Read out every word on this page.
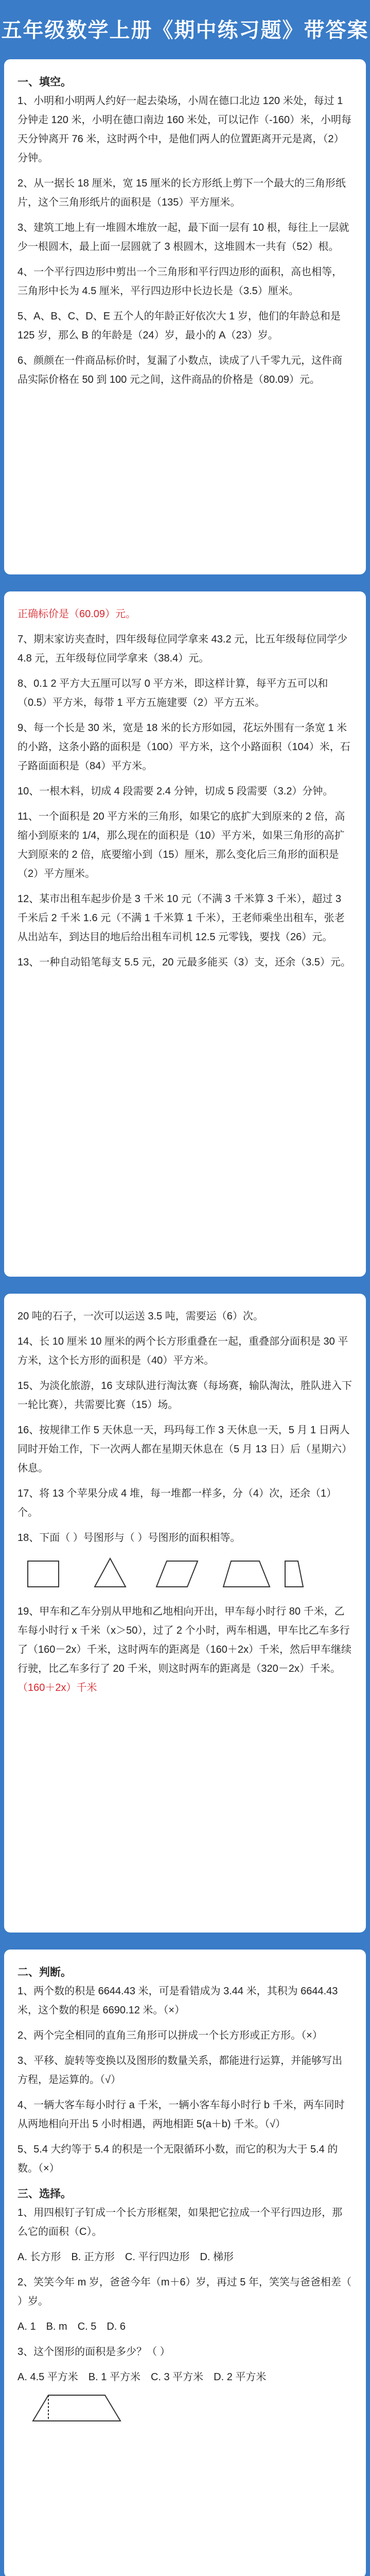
五年级数学上册《期中练习题》带答案

一、填空。

1、小明和小明两人约好一起去染场，小周在德口北边 120 米处，每过 1 分钟走 120 米，小明在德口南边 160 米处，可以记作（-160）米，小明每天分钟离开 76 米，这时两个中，是他们两人的位置距离开元是离，（2）分钟。

2、从一据长 18 厘米，宽 15 厘米的长方形纸上剪下一个最大的三角形纸片，这个三角形纸片的面积是（135）平方厘米。

3、建筑工地上有一堆圆木堆放一起，最下面一层有 10 根，每往上一层就少一根圆木，最上面一层圆就了 3 根圆木，这堆圆木一共有（52）根。

4、一个平行四边形中剪出一个三角形和平行四边形的面积，高也相等，三角形中长为 4.5 厘米，平行四边形中长边长是（3.5）厘米。

5、A、B、C、D、E 五个人的年龄正好依次大 1 岁，他们的年龄总和是 125 岁，那么 B 的年龄是（24）岁，最小的 A（23）岁。

6、颜颜在一件商品标价时，复漏了小数点，读成了八千零九元，这件商品实际价格在 50 到 100 元之间，这件商品的价格是（80.09）元。

正确标价是（60.09）元。

7、期末家访夹查时，四年级每位同学拿来 43.2 元，比五年级每位同学少 4.8 元，五年级每位同学拿来（38.4）元。

8、0.1 2 平方大五厘可以写 0 平方米，即这样计算，每平方五可以和（0.5）平方米，每带 1 平方五施建要（2）平方五米。

9、每一个长是 30 米，宽是 18 米的长方形如园，花坛外围有一条宽 1 米的小路，这条小路的面积是（100）平方米，这个小路面积（104）米，石子路面面积是（84）平方米。

10、一根木料，切成 4 段需要 2.4 分钟，切成 5 段需要（3.2）分钟。

11、一个面积是 20 平方米的三角形，如果它的底扩大到原来的 2 倍，高缩小到原来的 1/4，那么现在的面积是（10）平方米，如果三角形的高扩大到原来的 2 倍，底要缩小到（15）厘米，那么变化后三角形的面积是（2）平方厘米。

12、某市出租车起步价是 3 千米 10 元（不满 3 千米算 3 千米），超过 3 千米后 2 千米 1.6 元（不满 1 千米算 1 千米），王老师乘坐出租车，张老从出站车，到达目的地后给出租车司机 12.5 元零钱，要找（26）元。

13、一种自动铅笔每支 5.5 元，20 元最多能买（3）支，还余（3.5）元。

20 吨的石子，一次可以运送 3.5 吨，需要运（6）次。

14、长 10 厘米 10 厘米的两个长方形重叠在一起，重叠部分面积是 30 平方米，这个长方形的面积是（40）平方米。

15、为淡化旅游，16 支球队进行淘汰赛（每场赛，输队淘汰，胜队进入下一轮比赛），共需要比赛（15）场。

16、按规律工作 5 天休息一天，玛玛每工作 3 天休息一天，5 月 1 日两人同时开始工作，下一次两人都在星期天休息在（5 月 13 日）后（星期六）休息。

17、将 13 个苹果分成 4 堆，每一堆都一样多，分（4）次，还余（1）个。

18、下面（ ）号图形与（ ）号图形的面积相等。

19、甲车和乙车分别从甲地和乙地相向开出，甲车每小时行 80 千米，乙车每小时行 x 千米（x＞50），过了 2 个小时，两车相遇，甲车比乙车多行了（160－2x）千米，这时两车的距离是（160＋2x）千米，然后甲车继续行驶，比乙车多行了 20 千米，则这时两车的距离是（320－2x）千米。

（160＋2x）千米

二、判断。

1、两个数的积是 6644.43 米，可是看错成为 3.44 米，其积为 6644.43 米，这个数的积是 6690.12 米。（×）

2、两个完全相同的直角三角形可以拼成一个长方形或正方形。（×）

3、平移、旋转等变换以及图形的数量关系，都能进行运算，并能够写出方程，是运算的。（√）

4、一辆大客车每小时行 a 千米，一辆小客车每小时行 b 千米，两车同时从两地相向开出 5 小时相遇，两地相距 5(a＋b) 千米。（√）

5、5.4 大约等于 5.4 的积是一个无限循环小数，而它的积为大于 5.4 的数。（×）

三、选择。

1、用四根钉子钉成一个长方形框架，如果把它拉成一个平行四边形，那么它的面积（C）。

A. 长方形　B. 正方形　C. 平行四边形　D. 梯形

2、笑笑今年 m 岁，爸爸今年（m＋6）岁，再过 5 年，笑笑与爸爸相差（ ）岁。

A. 1　B. m　C. 5　D. 6

3、这个图形的面积是多少？（ ）

A. 4.5 平方米　B. 1 平方米　C. 3 平方米　D. 2 平方米
